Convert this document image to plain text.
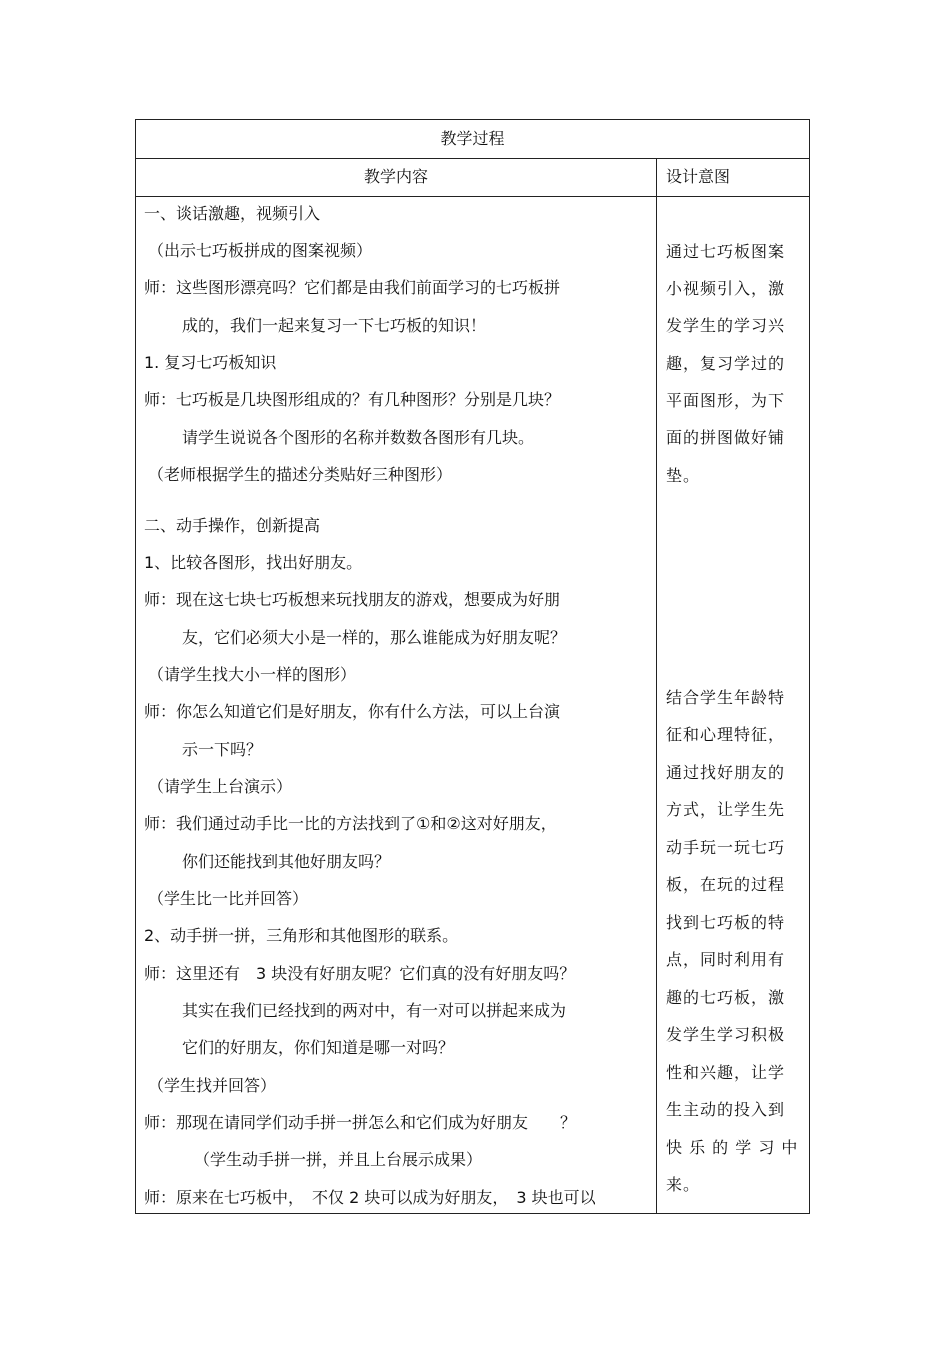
教学过程
教学内容	设计意图
一、谈话激趣，视频引入
（出示七巧板拼成的图案视频）
师：这些图形漂亮吗？它们都是由我们前面学习的七巧板拼
成的，我们一起来复习一下七巧板的知识！
1. 复习七巧板知识
师：七巧板是几块图形组成的？有几种图形？分别是几块？
请学生说说各个图形的名称并数数各图形有几块。
（老师根据学生的描述分类贴好三种图形）
二、动手操作，创新提高
1、比较各图形，找出好朋友。
师：现在这七块七巧板想来玩找朋友的游戏，想要成为好朋
友，它们必须大小是一样的，那么谁能成为好朋友呢？
（请学生找大小一样的图形）
师：你怎么知道它们是好朋友，你有什么方法，可以上台演
示一下吗？
（请学生上台演示）
师：我们通过动手比一比的方法找到了①和②这对好朋友，
你们还能找到其他好朋友吗？
（学生比一比并回答）
2、动手拼一拼，三角形和其他图形的联系。
师：这里还有　3 块没有好朋友呢？它们真的没有好朋友吗？
其实在我们已经找到的两对中，有一对可以拼起来成为
它们的好朋友，你们知道是哪一对吗？
（学生找并回答）
师：那现在请同学们动手拼一拼怎么和它们成为好朋友　　？
（学生动手拼一拼，并且上台展示成果）
师：原来在七巧板中，　不仅 2 块可以成为好朋友，　3 块也可以
通过七巧板图案
小视频引入，激
发学生的学习兴
趣，复习学过的
平面图形，为下
面的拼图做好铺
垫。
结合学生年龄特
征和心理特征，
通过找好朋友的
方式，让学生先
动手玩一玩七巧
板，在玩的过程
找到七巧板的特
点，同时利用有
趣的七巧板，激
发学生学习积极
性和兴趣，让学
生主动的投入到
快 乐 的 学 习 中
来。
